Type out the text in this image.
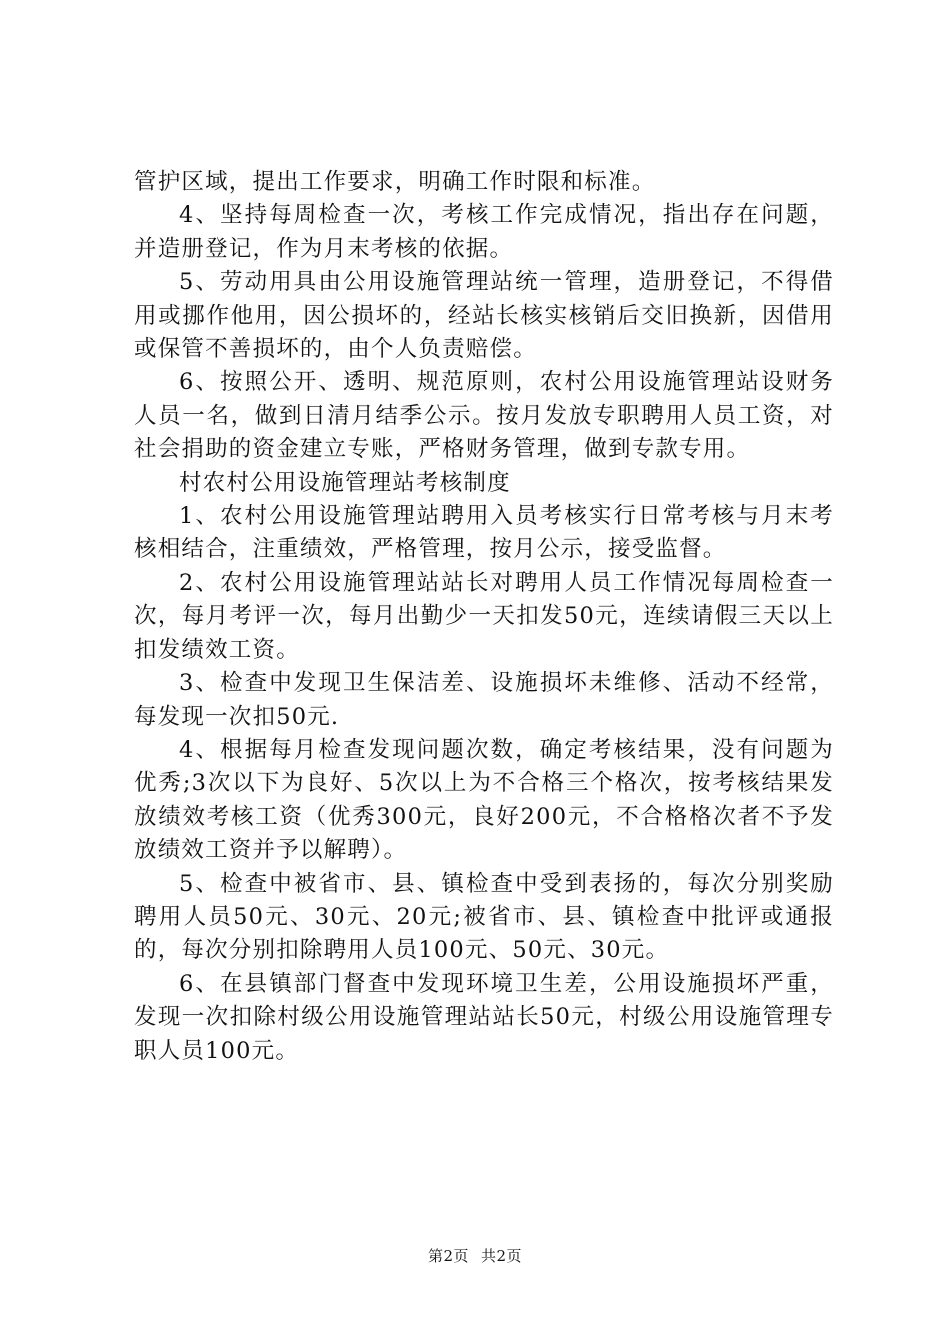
管护区域，提出工作要求，明确工作时限和标准。

4、坚持每周检查一次，考核工作完成情况，指出存在问题，并造册登记，作为月末考核的依据。

5、劳动用具由公用设施管理站统一管理，造册登记，不得借用或挪作他用，因公损坏的，经站长核实核销后交旧换新，因借用或保管不善损坏的，由个人负责赔偿。

6、按照公开、透明、规范原则，农村公用设施管理站设财务人员一名，做到日清月结季公示。按月发放专职聘用人员工资，对社会捐助的资金建立专账，严格财务管理，做到专款专用。

村农村公用设施管理站考核制度

1、农村公用设施管理站聘用入员考核实行日常考核与月末考核相结合，注重绩效，严格管理，按月公示，接受监督。

2、农村公用设施管理站站长对聘用人员工作情况每周检查一次，每月考评一次，每月出勤少一天扣发50元，连续请假三天以上扣发绩效工资。

3、检查中发现卫生保洁差、设施损坏未维修、活动不经常，每发现一次扣50元.

4、根据每月检查发现问题次数，确定考核结果，没有问题为优秀;3次以下为良好、5次以上为不合格三个格次，按考核结果发放绩效考核工资（优秀300元，良好200元，不合格格次者不予发放绩效工资并予以解聘）。

5、检查中被省市、县、镇检查中受到表扬的，每次分别奖励聘用人员50元、30元、20元;被省市、县、镇检查中批评或通报的，每次分别扣除聘用人员100元、50元、30元。

6、在县镇部门督查中发现环境卫生差，公用设施损坏严重，发现一次扣除村级公用设施管理站站长50元，村级公用设施管理专职人员100元。

第2页 共2页
